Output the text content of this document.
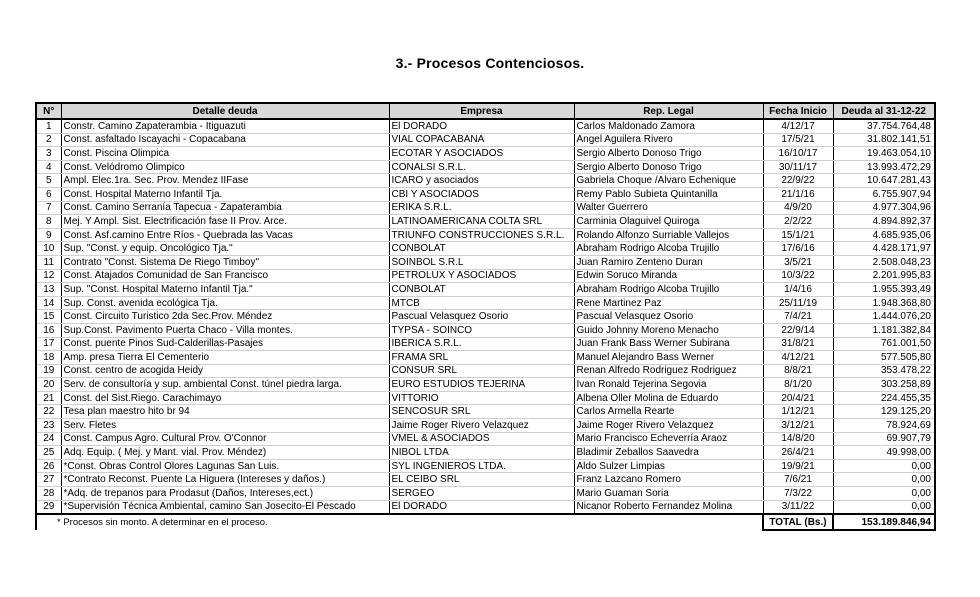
3.- Procesos Contenciosos.
N°	Detalle deuda	Empresa	Rep. Legal	Fecha Inicio	Deuda al 31-12-22
1	Constr. Camino Zapaterambia - Itiguazuti	El DORADO	Carlos Maldonado Zamora	4/12/17	37.754.764,48
2	Const. asfaltado Iscayachi - Copacabana	VIAL COPACABANA	Angel Aguilera Rivero	17/5/21	31.802.141,51
3	Const. Piscina Olimpica	ECOTAR Y ASOCIADOS	Sergio Alberto Donoso Trigo	16/10/17	19.463.054,10
4	Const. Velódromo Olimpico	CONALSI S.R.L.	Sergio Alberto Donoso Trigo	30/11/17	13.993.472,29
5	Ampl. Elec.1ra. Sec. Prov. Mendez IIFase	ICARO y asociados	Gabriela Choque /Alvaro Echenique	22/9/22	10.647.281,43
6	Const. Hospital Materno Infantil Tja.	CBI Y ASOCIADOS	Remy Pablo Subieta Quintanilla	21/1/16	6.755.907,94
7	Const. Camino Serranía Tapecua - Zapaterambia	ERIKA S.R.L.	Walter Guerrero	4/9/20	4.977.304,96
8	Mej. Y Ampl. Sist. Electrificación fase II Prov. Arce.	LATINOAMERICANA COLTA SRL	Carminia Olaguivel Quiroga	2/2/22	4.894.892,37
9	Const. Asf.camino Entre Ríos - Quebrada las Vacas	TRIUNFO CONSTRUCCIONES S.R.L.	Rolando Alfonzo Surriable Vallejos	15/1/21	4.685.935,06
10	Sup. "Const. y equip. Oncológico Tja."	CONBOLAT	Abraham Rodrigo Alcoba Trujillo	17/6/16	4.428.171,97
11	Contrato "Const. Sistema De Riego Timboy"	SOINBOL S.R.L	Juan Ramiro Zenteno Duran	3/5/21	2.508.048,23
12	Const. Atajados Comunidad de San Francisco	PETROLUX Y ASOCIADOS	Edwin Soruco Miranda	10/3/22	2.201.995,83
13	Sup. "Const. Hospital Materno Infantil Tja."	CONBOLAT	Abraham Rodrigo Alcoba Trujillo	1/4/16	1.955.393,49
14	Sup. Const. avenida ecológica Tja.	MTCB	Rene Martinez Paz	25/11/19	1.948.368,80
15	Const. Circuito Turistico 2da Sec.Prov. Méndez	Pascual Velasquez Osorio	Pascual Velasquez Osorio	7/4/21	1.444.076,20
16	Sup.Const. Pavimento Puerta Chaco - Villa montes.	TYPSA - SOINCO	Guido Johnny Moreno Menacho	22/9/14	1.181.382,84
17	Const. puente Pinos Sud-Calderillas-Pasajes	IBÉRICA S.R.L.	Juan Frank Bass Werner Subirana	31/8/21	761.001,50
18	Amp. presa Tierra El Cementerio	FRAMA SRL	Manuel Alejandro Bass Werner	4/12/21	577.505,80
19	Const. centro de acogida Heidy	CONSUR SRL	Renan Alfredo Rodriguez Rodriguez	8/8/21	353.478,22
20	Serv. de consultoría y sup. ambiental Const. túnel piedra larga.	EURO ESTUDIOS TEJERINA	Ivan Ronald Tejerina Segovia	8/1/20	303.258,89
21	Const. del Sist.Riego. Carachimayo	VITTORIO	Albena Oller Molina de Eduardo	20/4/21	224.455,35
22	Tesa plan maestro hito br 94	SENCOSUR SRL	Carlos Armella Rearte	1/12/21	129.125,20
23	Serv. Fletes	Jaime Roger Rivero Velazquez	Jaime Roger Rivero Velazquez	3/12/21	78.924,69
24	Const. Campus Agro. Cultural Prov. O'Connor	VMEL & ASOCIADOS	Mario Francisco Echeverría Araoz	14/8/20	69.907,79
25	Adq. Equip. ( Mej. y Mant. vial. Prov. Méndez)	NIBOL LTDA	Bladimir Zeballos Saavedra	26/4/21	49.998,00
26	*Const. Obras Control Olores Lagunas San Luis.	SYL INGENIEROS LTDA.	Aldo Sulzer Limpias	19/9/21	0,00
27	*Contrato Reconst. Puente La Higuera (Intereses y daños.)	EL CEIBO SRL	Franz Lazcano Romero	7/6/21	0,00
28	*Adq. de trepanos para Prodasut (Daños, Intereses,ect.)	SERGEO	Mario Guaman Soria	7/3/22	0,00
29	*Supervisión Técnica Ambiental, camino San Josecito-El Pescado	El DORADO	Nicanor Roberto Fernandez Molina	3/11/22	0,00
* Procesos sin monto. A determinar en el proceso.				TOTAL (Bs.)	153.189.846,94
